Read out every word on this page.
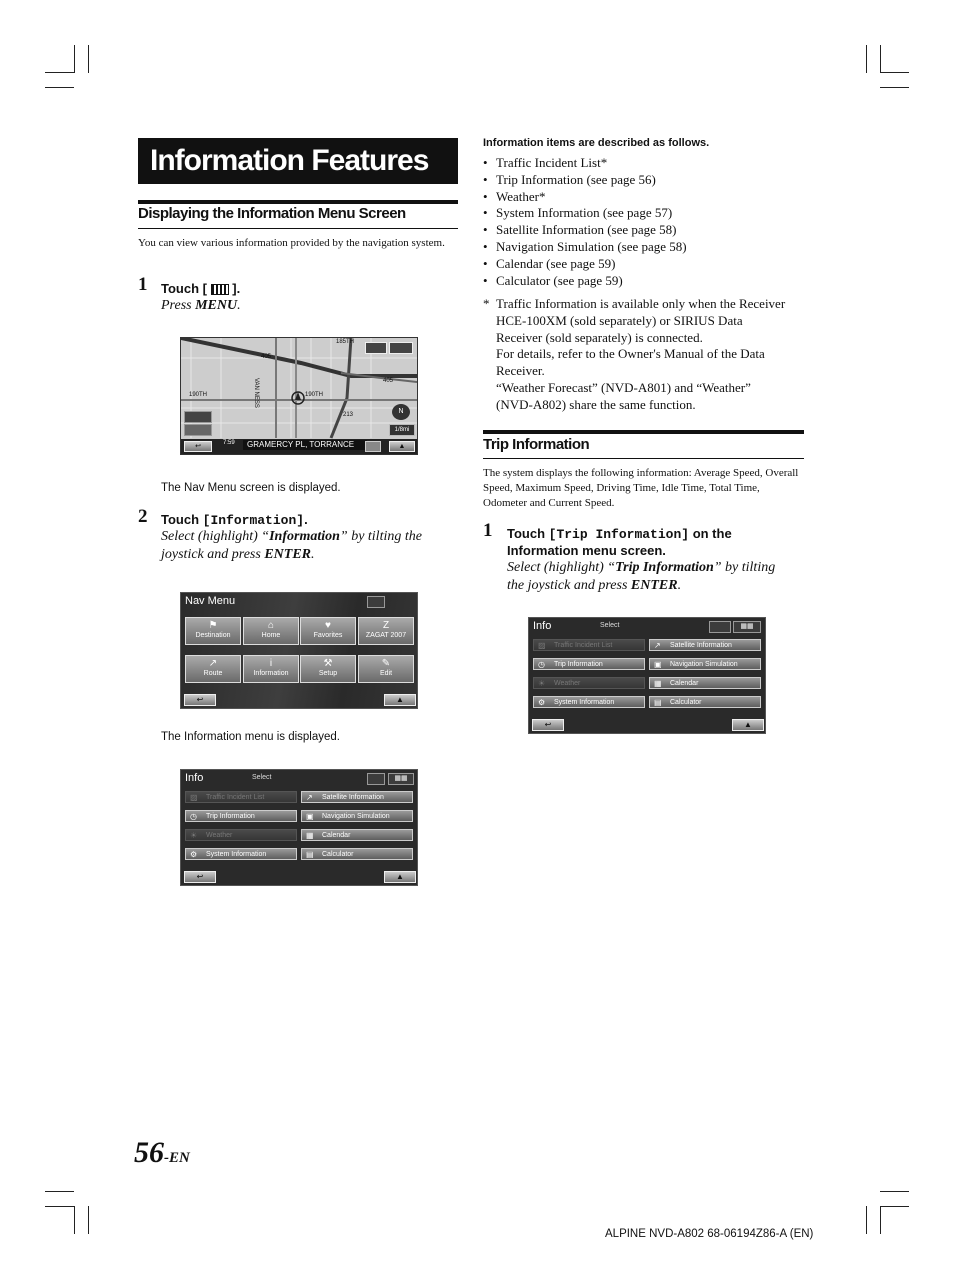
Information Features
Displaying the Information Menu Screen
You can view various information provided by the navigation system.
1 Touch [ ].
Press MENU.
405
405
213
190TH	190TH
VAN NESS
185TH
N
1/8mi
↩	7:59	GRAMERCY PL, TORRANCE	▲
The Nav Menu screen is displayed.
2 Touch [Information].
Select (highlight) “Information” by tilting the joystick and press ENTER.
Nav Menu
⚑
Destination
⌂
Home
♥
Favorites
Z
ZAGAT 2007
↗
Route
i
Information
⚒
Setup
✎
Edit
↩	▲
The Information menu is displayed.
Info	Select	▦▦
▨ Traffic Incident List
◷ Trip Information
☀ Weather
⚙ System Information
↗ Satellite Information
▣ Navigation Simulation
▦ Calendar
▤ Calculator
↩	▲
Information items are described as follows.
• Traffic Incident List*
• Trip Information (see page 56)
• Weather*
• System Information (see page 57)
• Satellite Information (see page 58)
• Navigation Simulation (see page 58)
• Calendar (see page 59)
• Calculator (see page 59)
* Traffic Information is available only when the Receiver
HCE-100XM (sold separately) or SIRIUS Data
Receiver (sold separately) is connected.
For details, refer to the Owner's Manual of the Data
Receiver.
“Weather Forecast” (NVD-A801) and “Weather”
(NVD-A802) share the same function.
Trip Information
The system displays the following information: Average Speed, Overall Speed, Maximum Speed, Driving Time, Idle Time, Total Time, Odometer and Current Speed.
1 Touch [Trip Information] on the
Information menu screen.
Select (highlight) “Trip Information” by tilting
the joystick and press ENTER.
Info	Select	▦▦
▨ Traffic Incident List
◷ Trip Information
☀ Weather
⚙ System Information
↗ Satellite Information
▣ Navigation Simulation
▦ Calendar
▤ Calculator
↩	▲
56-EN
ALPINE NVD-A802 68-06194Z86-A (EN)
